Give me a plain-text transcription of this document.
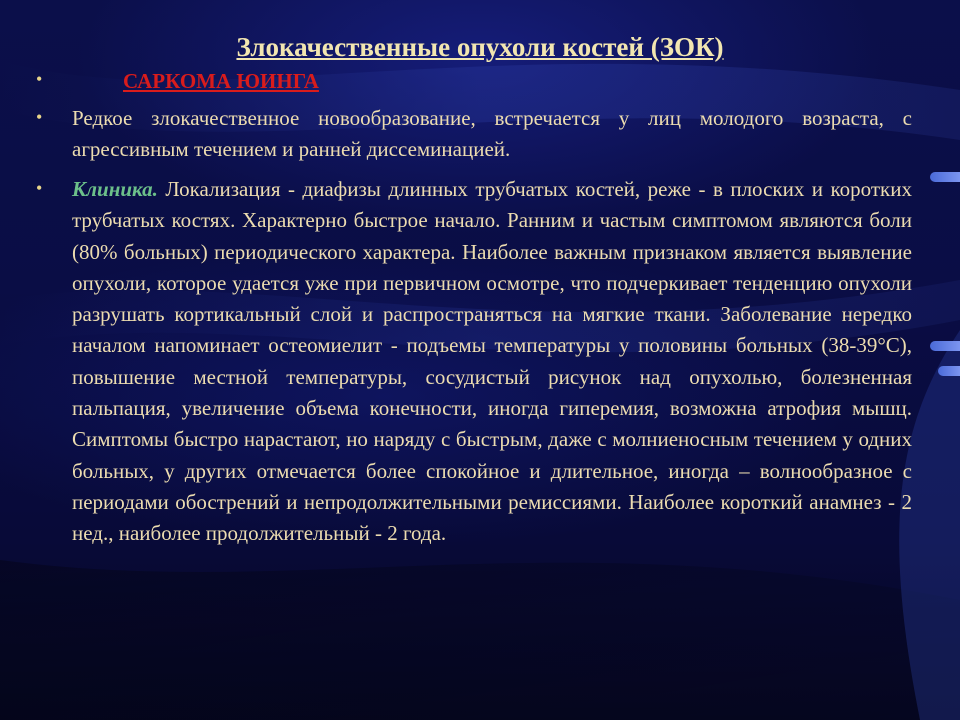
Злокачественные опухоли костей (ЗОК)
•	САРКОМА ЮИНГА
• Редкое злокачественное новообразование, встречается у лиц молодого возраста, с агрессивным течением и ранней диссеминацией.
• Клиника. Локализация - диафизы длинных трубчатых костей, реже - в плоских и коротких трубчатых костях. Характерно быстрое начало. Ранним и частым симптомом являются боли (80% больных) периодического характера. Наиболее важным признаком является выявление опухоли, которое удается уже при первичном осмотре, что подчеркивает тенденцию опухоли разрушать кортикальный слой и распространяться на мягкие ткани. Заболевание нередко началом напоминает остеомиелит - подъемы температуры у половины больных (38-39°С), повышение местной температуры, сосудистый рисунок над опухолью, болезненная пальпация, увеличение объема конечности, иногда гиперемия, возможна атрофия мышц. Симптомы быстро нарастают, но наряду с быстрым, даже с молниеносным течением у одних больных, у других отмечается более спокойное и длительное, иногда – волнообразное с периодами обострений и непродолжительными ремиссиями. Наиболее короткий анамнез - 2 нед., наиболее продолжительный - 2 года.
